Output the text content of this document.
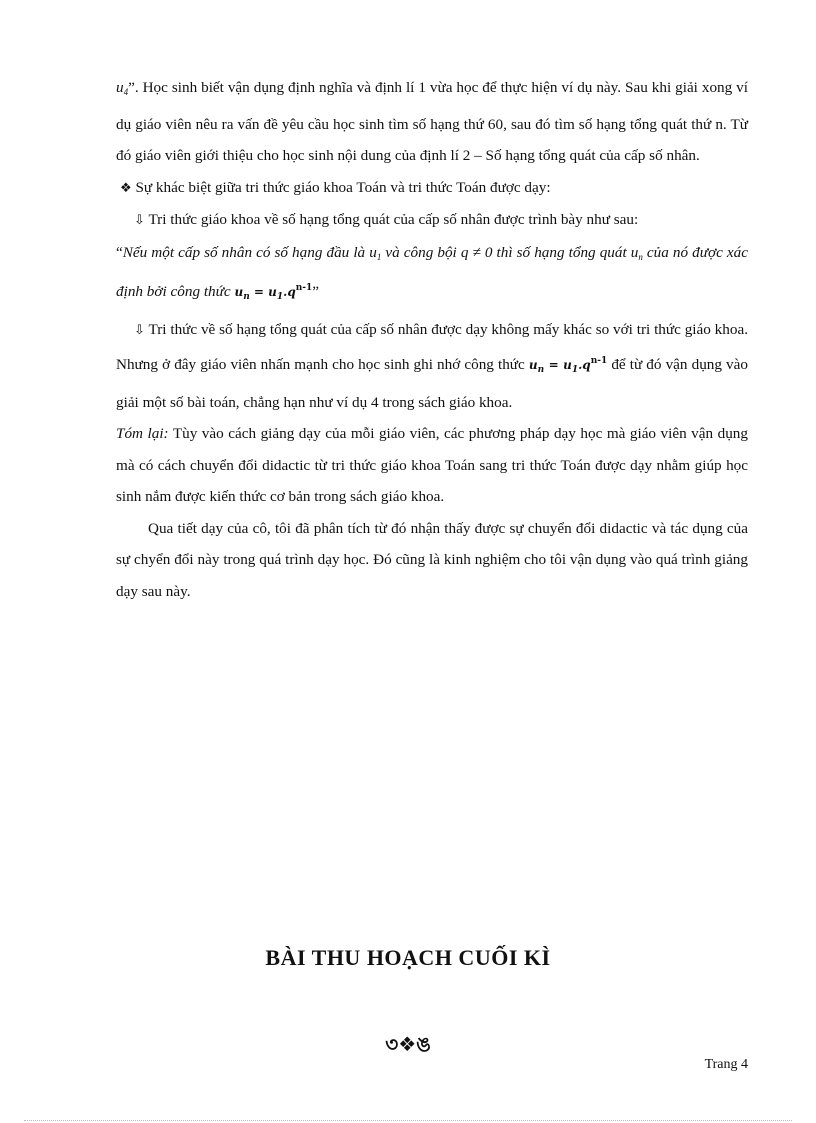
$u_4$”. Học sinh biết vận dụng định nghĩa và định lí 1 vừa học để thực hiện ví dụ này. Sau khi giải xong ví dụ giáo viên nêu ra vấn đề yêu cầu học sinh tìm số hạng thứ 60, sau đó tìm số hạng tổng quát thứ n. Từ đó giáo viên giới thiệu cho học sinh nội dung của định lí 2 – Số hạng tổng quát của cấp số nhân.

❖ Sự khác biệt giữa tri thức giáo khoa Toán và tri thức Toán được dạy:

⇩ Tri thức giáo khoa về số hạng tổng quát của cấp số nhân được trình bày như sau:

“Nếu một cấp số nhân có số hạng đầu là $u_1$ và công bội q ≠ 0 thì số hạng tổng quát $u_n$ của nó được xác định bởi công thức $u_n = u_1.q^{n-1}$”

⇩ Tri thức về số hạng tổng quát của cấp số nhân được dạy không mấy khác so với tri thức giáo khoa. Nhưng ở đây giáo viên nhấn mạnh cho học sinh ghi nhớ công thức $u_n = u_1.q^{n-1}$ để từ đó vận dụng vào giải một số bài toán, chẳng hạn như ví dụ 4 trong sách giáo khoa.

Tóm lại: Tùy vào cách giảng dạy của mỗi giáo viên, các phương pháp dạy học mà giáo viên vận dụng mà có cách chuyển đổi didactic từ tri thức giáo khoa Toán sang tri thức Toán được dạy nhằm giúp học sinh nắm được kiến thức cơ bản trong sách giáo khoa.

Qua tiết dạy của cô, tôi đã phân tích từ đó nhận thấy được sự chuyển đổi didactic và tác dụng của sự chyển đổi này trong quá trình dạy học. Đó cũng là kinh nghiệm cho tôi vận dụng vào quá trình giảng dạy sau này.

BÀI THU HOẠCH CUỐI KÌ
৩❖ঙ
Trang 4
